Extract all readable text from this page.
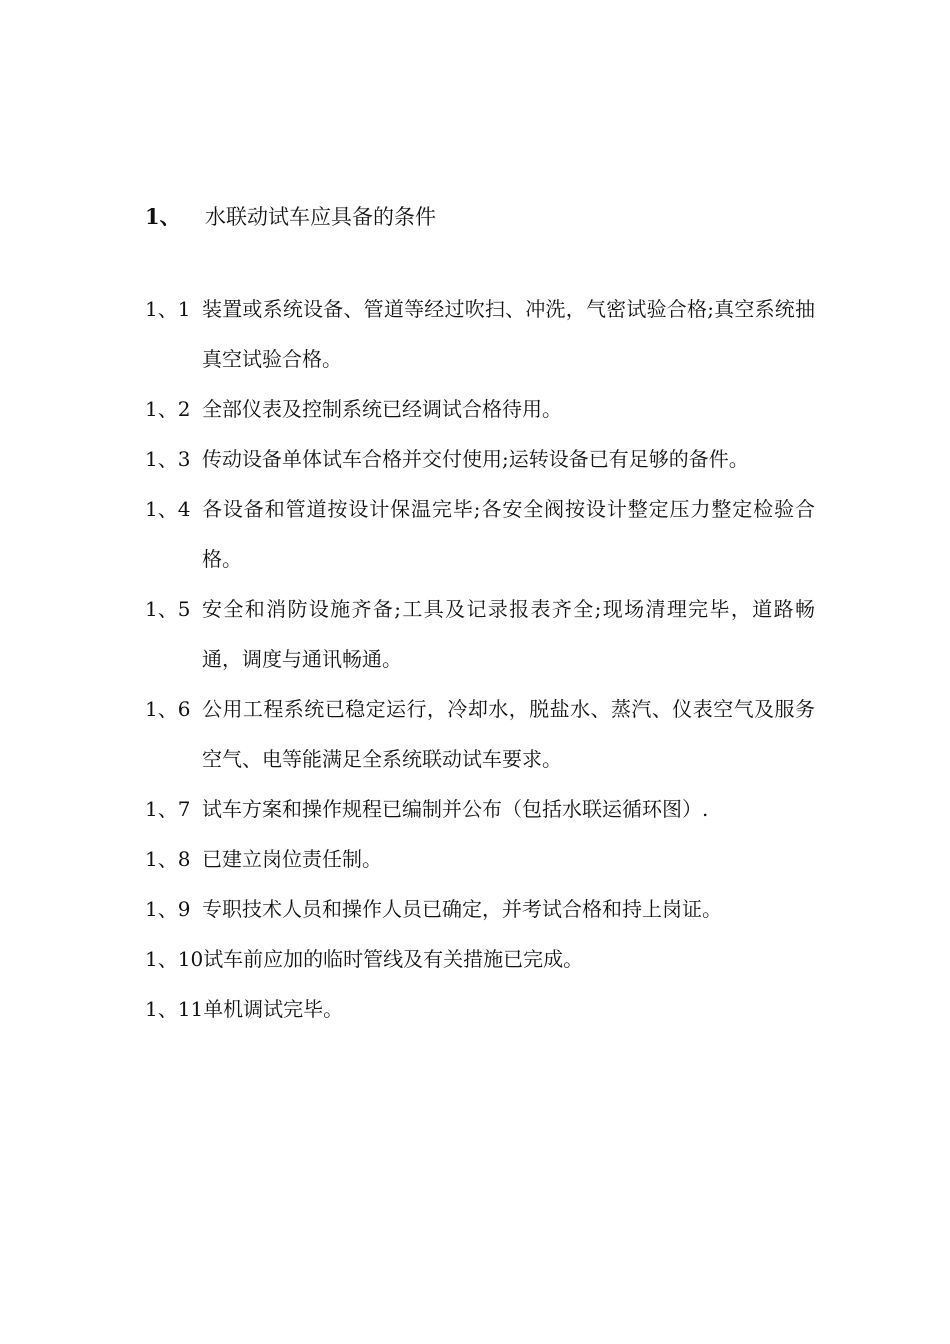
1、 水联动试车应具备的条件
1、1 装置或系统设备、管道等经过吹扫、冲洗，气密试验合格;真空系统抽真空试验合格。
1、2 全部仪表及控制系统已经调试合格待用。
1、3 传动设备单体试车合格并交付使用;运转设备已有足够的备件。
1、4 各设备和管道按设计保温完毕;各安全阀按设计整定压力整定检验合格。
1、5 安全和消防设施齐备;工具及记录报表齐全;现场清理完毕，道路畅通，调度与通讯畅通。
1、6 公用工程系统已稳定运行，冷却水，脱盐水、蒸汽、仪表空气及服务空气、电等能满足全系统联动试车要求。
1、7 试车方案和操作规程已编制并公布（包括水联运循环图）.
1、8 已建立岗位责任制。
1、9 专职技术人员和操作人员已确定，并考试合格和持上岗证。
1、10 试车前应加的临时管线及有关措施已完成。
1、11 单机调试完毕。
